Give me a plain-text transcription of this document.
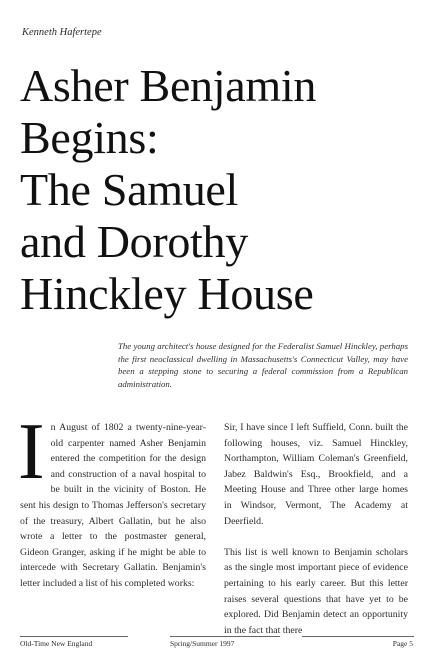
Kenneth Hafertepe
Asher Benjamin
Begins:
The Samuel
and Dorothy
Hinckley House
The young architect's house designed for the Federalist Samuel Hinckley, perhaps the first neoclassical dwelling in Massachusetts's Connecticut Valley, may have been a stepping stone to securing a federal commission from a Republican administration.
I n August of 1802 a twenty-nine-year-old carpenter named Asher Benjamin entered the competition for the design and construction of a naval hospital to be built in the vicinity of Boston. He sent his design to Thomas Jefferson's secretary of the treasury, Albert Gallatin, but he also wrote a letter to the postmaster general, Gideon Granger, asking if he might be able to intercede with Secretary Gallatin. Benjamin's letter included a list of his completed works:

Sir, I have since I left Suffield, Conn. built the following houses, viz. Samuel Hinckley, Northampton, William Coleman's Greenfield, Jabez Baldwin's Esq., Brookfield, and a Meeting House and Three other large homes in Windsor, Vermont, The Academy at Deerfield.

This list is well known to Benjamin scholars as the single most important piece of evidence pertaining to his early career. But this letter raises several questions that have yet to be explored. Did Benjamin detect an opportunity in the fact that there

Old-Time New England	Spring/Summer 1997	Page 5
